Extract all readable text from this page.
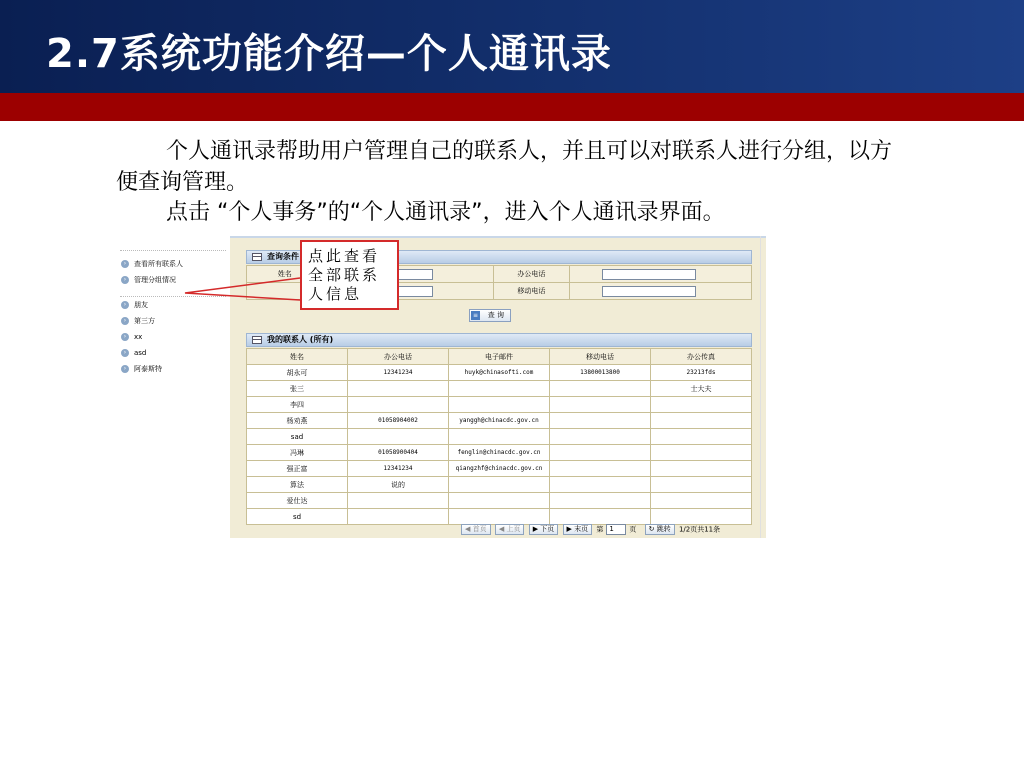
2.7系统功能介绍—个人通讯录
个人通讯录帮助用户管理自己的联系人，并且可以对联系人进行分组，以方便查询管理。
点击 “个人事务”的“个人通讯录”，进入个人通讯录界面。
› 查看所有联系人
› 管理分组情况
› 朋友
› 第三方
› xx
› asd
› 阿泰斯特
查询条件
姓名		办公电话	
		移动电话	
≡ 查 询
我的联系人 (所有)
姓名	办公电话	电子邮件	移动电话	办公传真
胡永可	12341234	huyk@chinasofti.com	13800013800	23213fds
张三				士大夫
李四				
杨劝燕	01058904002	yanggh@chinacdc.gov.cn		
sad				
冯琳	01058900404	fenglin@chinacdc.gov.cn		
强正富	12341234	qiangzhf@chinacdc.gov.cn		
算法	说的			
爱仕达				
sd				
◀ 首页 ◀ 上页 ▶ 下页 ▶ 末页 第 1 页 ↻ 跳转 1/2页共11条
点此查看全部联系人信息
